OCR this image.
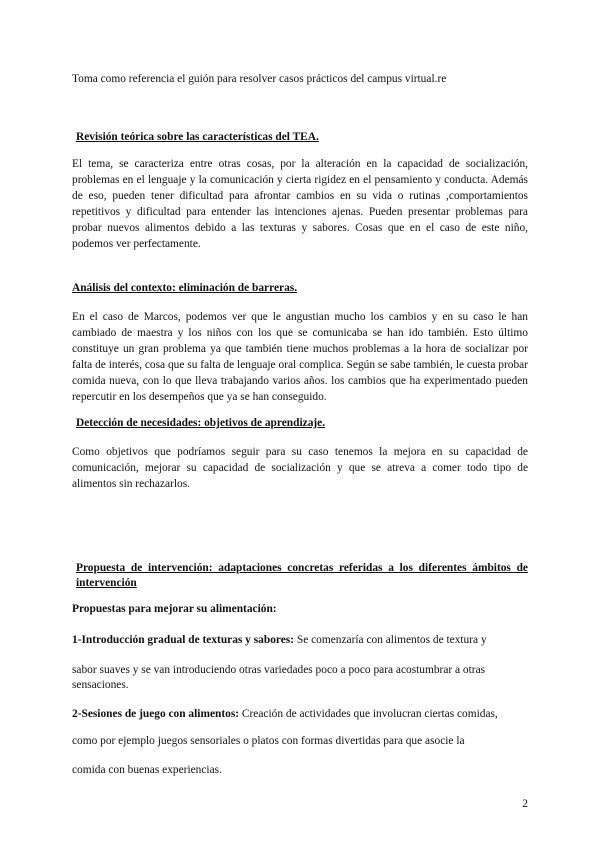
Toma como referencia el guión para resolver casos prácticos del campus virtual.re
Revisión teórica sobre las características del TEA.
El tema, se caracteriza entre otras cosas, por la alteración en la capacidad de socialización, problemas en el lenguaje y la comunicación y cierta rigidez en el pensamiento y conducta. Además de eso, pueden tener dificultad para afrontar cambios en su vida o rutinas ,comportamientos repetitivos y dificultad para entender las intenciones ajenas. Pueden presentar problemas para probar nuevos alimentos debido a las texturas y sabores. Cosas que en el caso de este niño, podemos ver perfectamente.
Análisis del contexto: eliminación de barreras.
En el caso de Marcos, podemos ver que le angustian mucho los cambios y en su caso le han cambiado de maestra y los niños con los que se comunicaba se han ido también. Esto último constituye un gran problema ya que también tiene muchos problemas a la hora de socializar por falta de interés, cosa que su falta de lenguaje oral complica. Según se sabe también, le cuesta probar comida nueva, con lo que lleva trabajando varios años. los cambios que ha experimentado pueden repercutir en los desempeños que ya se han conseguido.
Detección de necesidades: objetivos de aprendizaje.
Como objetivos que podríamos seguir para su caso tenemos la mejora en su capacidad de comunicación, mejorar su capacidad de socialización y que se atreva a comer todo tipo de alimentos sin rechazarlos.
Propuesta de intervención: adaptaciones concretas referidas a los diferentes ámbitos de intervención
Propuestas para mejorar su alimentación:
1-Introducción gradual de texturas y sabores: Se comenzaría con alimentos de textura y
sabor suaves y se van introduciendo otras variedades poco a poco para acostumbrar a otras sensaciones.
2-Sesiones de juego con alimentos: Creación de actividades que involucran ciertas comidas,
como por ejemplo juegos sensoriales o platos con formas divertidas para que asocie la
comida con buenas experiencias.
2
